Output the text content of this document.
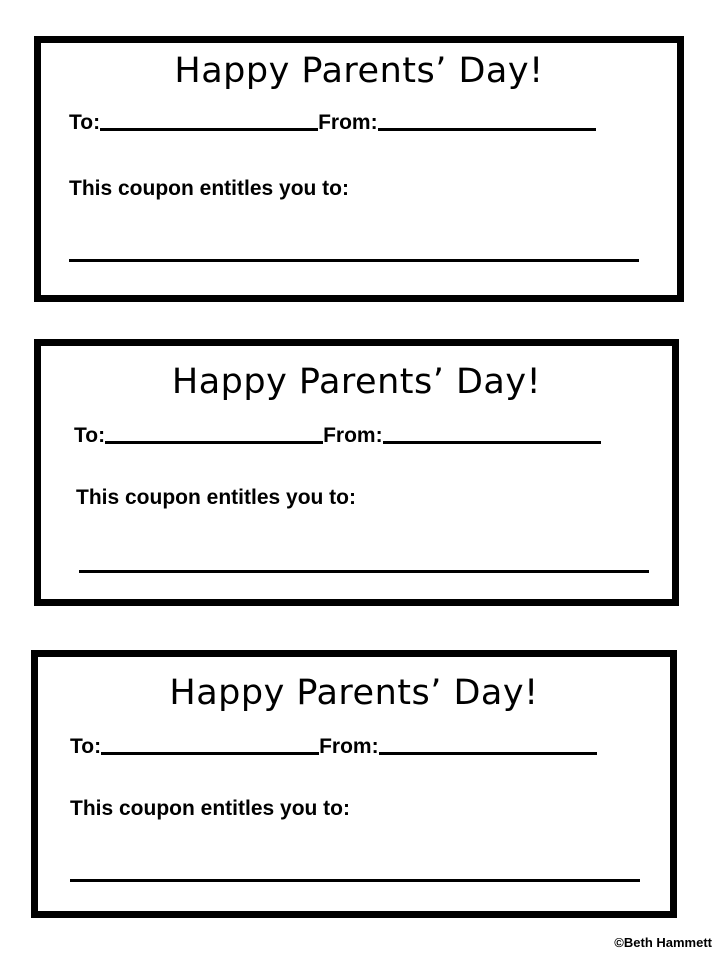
Happy Parents’ Day!
To:	From:
This coupon entitles you to:
Happy Parents’ Day!
To:	From:
This coupon entitles you to:
Happy Parents’ Day!
To:	From:
This coupon entitles you to:
©Beth Hammett
